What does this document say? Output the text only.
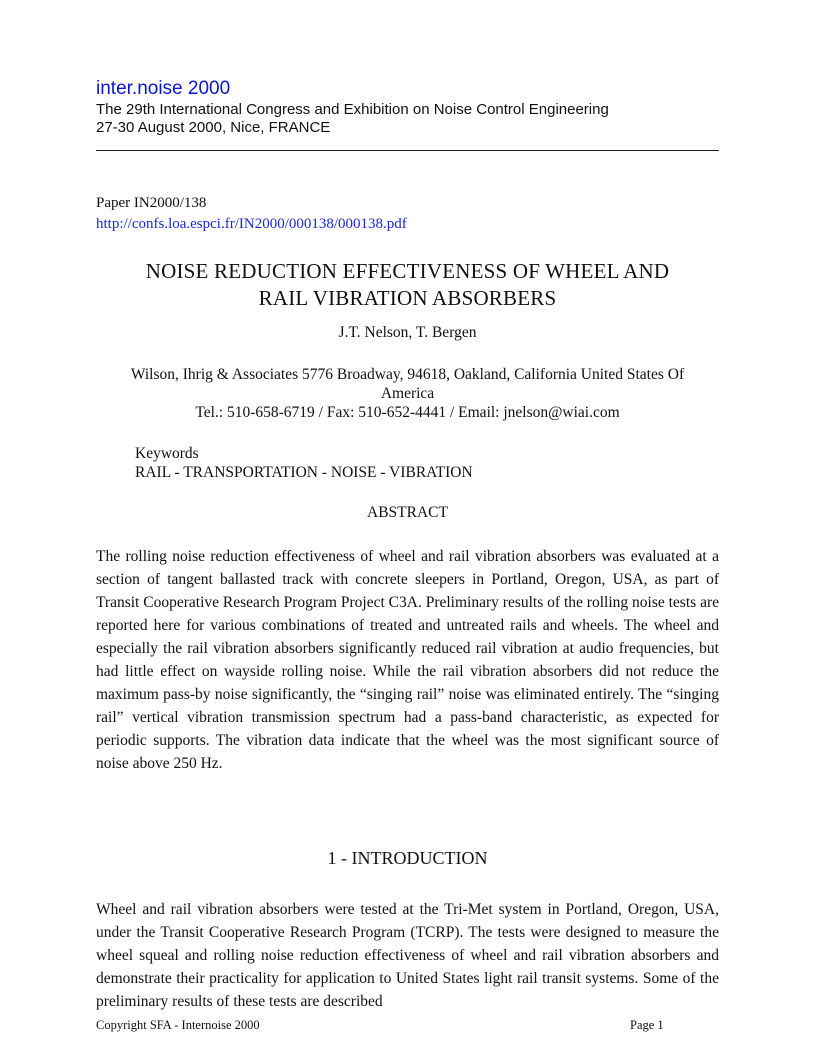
inter.noise 2000
The 29th International Congress and Exhibition on Noise Control Engineering
27-30 August 2000, Nice, FRANCE
Paper IN2000/138
http://confs.loa.espci.fr/IN2000/000138/000138.pdf
NOISE REDUCTION EFFECTIVENESS OF WHEEL AND
RAIL VIBRATION ABSORBERS
J.T. Nelson, T. Bergen
Wilson, Ihrig & Associates 5776 Broadway, 94618, Oakland, California United States Of
America
Tel.: 510-658-6719 / Fax: 510-652-4441 / Email: jnelson@wiai.com
Keywords
RAIL - TRANSPORTATION - NOISE - VIBRATION
ABSTRACT

The rolling noise reduction effectiveness of wheel and rail vibration absorbers was evaluated at a section of tangent ballasted track with concrete sleepers in Portland, Oregon, USA, as part of Transit Cooperative Research Program Project C3A. Preliminary results of the rolling noise tests are reported here for various combinations of treated and untreated rails and wheels. The wheel and especially the rail vibration absorbers significantly reduced rail vibration at audio frequencies, but had little effect on wayside rolling noise. While the rail vibration absorbers did not reduce the maximum pass-by noise significantly, the “singing rail” noise was eliminated entirely. The “singing rail” vertical vibration transmission spectrum had a pass-band characteristic, as expected for periodic supports. The vibration data indicate that the wheel was the most significant source of noise above 250 Hz.

1 - INTRODUCTION

Wheel and rail vibration absorbers were tested at the Tri-Met system in Portland, Oregon, USA, under the Transit Cooperative Research Program (TCRP). The tests were designed to measure the wheel squeal and rolling noise reduction effectiveness of wheel and rail vibration absorbers and demonstrate their practicality for application to United States light rail transit systems. Some of the preliminary results of these tests are described

Copyright SFA - Internoise 2000	Page 1
